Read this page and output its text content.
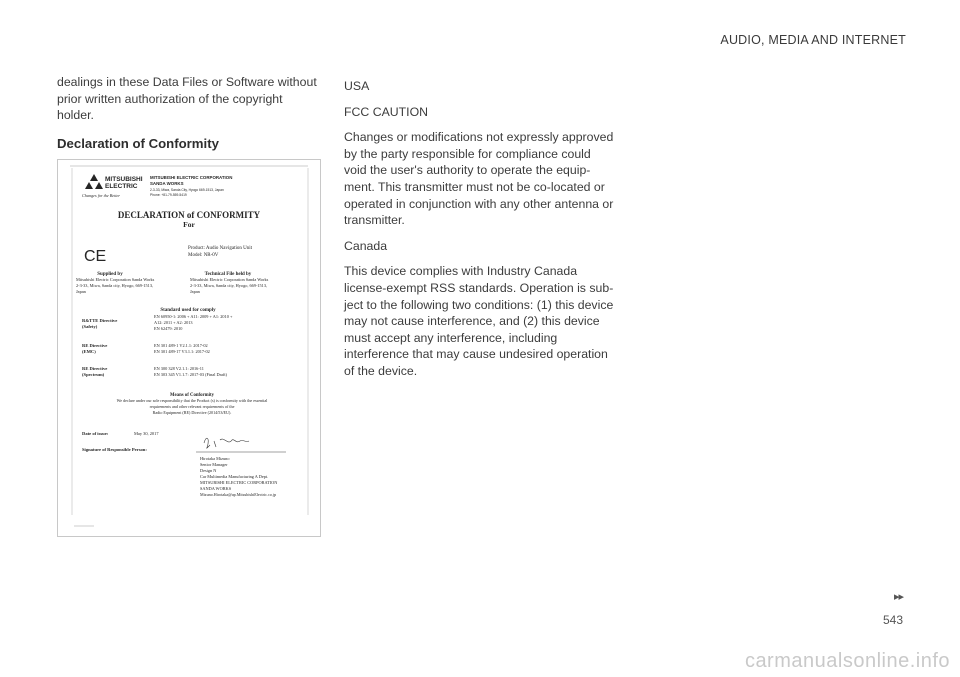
AUDIO, MEDIA AND INTERNET

dealings in these Data Files or Software without prior written authorization of the copyright holder.

Declaration of Conformity
MITSUBISHI
ELECTRIC
Changes for the Better
MITSUBISHI ELECTRIC CORPORATION
SANDA WORKS
2-3-33, Miwa, Sanda City, Hyogo 669-1513, Japan
Phone: +81-79-559-5419
DECLARATION of CONFORMITY
For
CE	Product: Audio Navigation Unit
Model: NR-0V
Supplied by
Mitsubishi Electric Corporation Sanda Works
2-3-33, Miwa, Sanda city, Hyogo, 669-1513,
Japan
Technical File held by
Mitsubishi Electric Corporation Sanda Works
2-3-33, Miwa, Sanda city, Hyogo, 669-1513,
Japan
Standard used for comply
R&TTE Directive
(Safety)
EN 60950-1: 2006 + A11: 2009 + A1: 2010 +
A12: 2011 + A2: 2013
EN 62479: 2010
RE Directive
(EMC)
EN 301 489-1 V2.1.1: 2017-02
EN 301 489-17 V3.1.1: 2017-02
RE Directive
(Spectrum)
EN 300 328 V2.1.1: 2016-11
EN 303 345 V1.1.7: 2017-03 (Final Draft)
Means of Conformity
We declare under our sole responsibility that the Product (s) is conformity with the essential
requirements and other relevant requirements of the
Radio Equipment (RE) Directive (2014/53/EU).
Date of issue:	May 30, 2017
Signature of Responsible Person:
Hirotaka Mizuno
Senior Manager
Design N
Car Multimedia Manufacturing A Dept.
MITSUBISHI ELECTRIC CORPORATION
SANDA WORKS
Mizuno.Hirotaka@ap.MitsubishiElectric.co.jp

USA

FCC CAUTION

Changes or modifications not expressly approved by the party responsible for compliance could void the user's authority to operate the equip-ment. This transmitter must not be co-located or operated in conjunction with any other antenna or transmitter.

Canada

This device complies with Industry Canada license-exempt RSS standards. Operation is sub-ject to the following two conditions: (1) this device may not cause interference, and (2) this device must accept any interference, including interference that may cause undesired operation of the device.

▸▸
543
carmanualsonline.info
